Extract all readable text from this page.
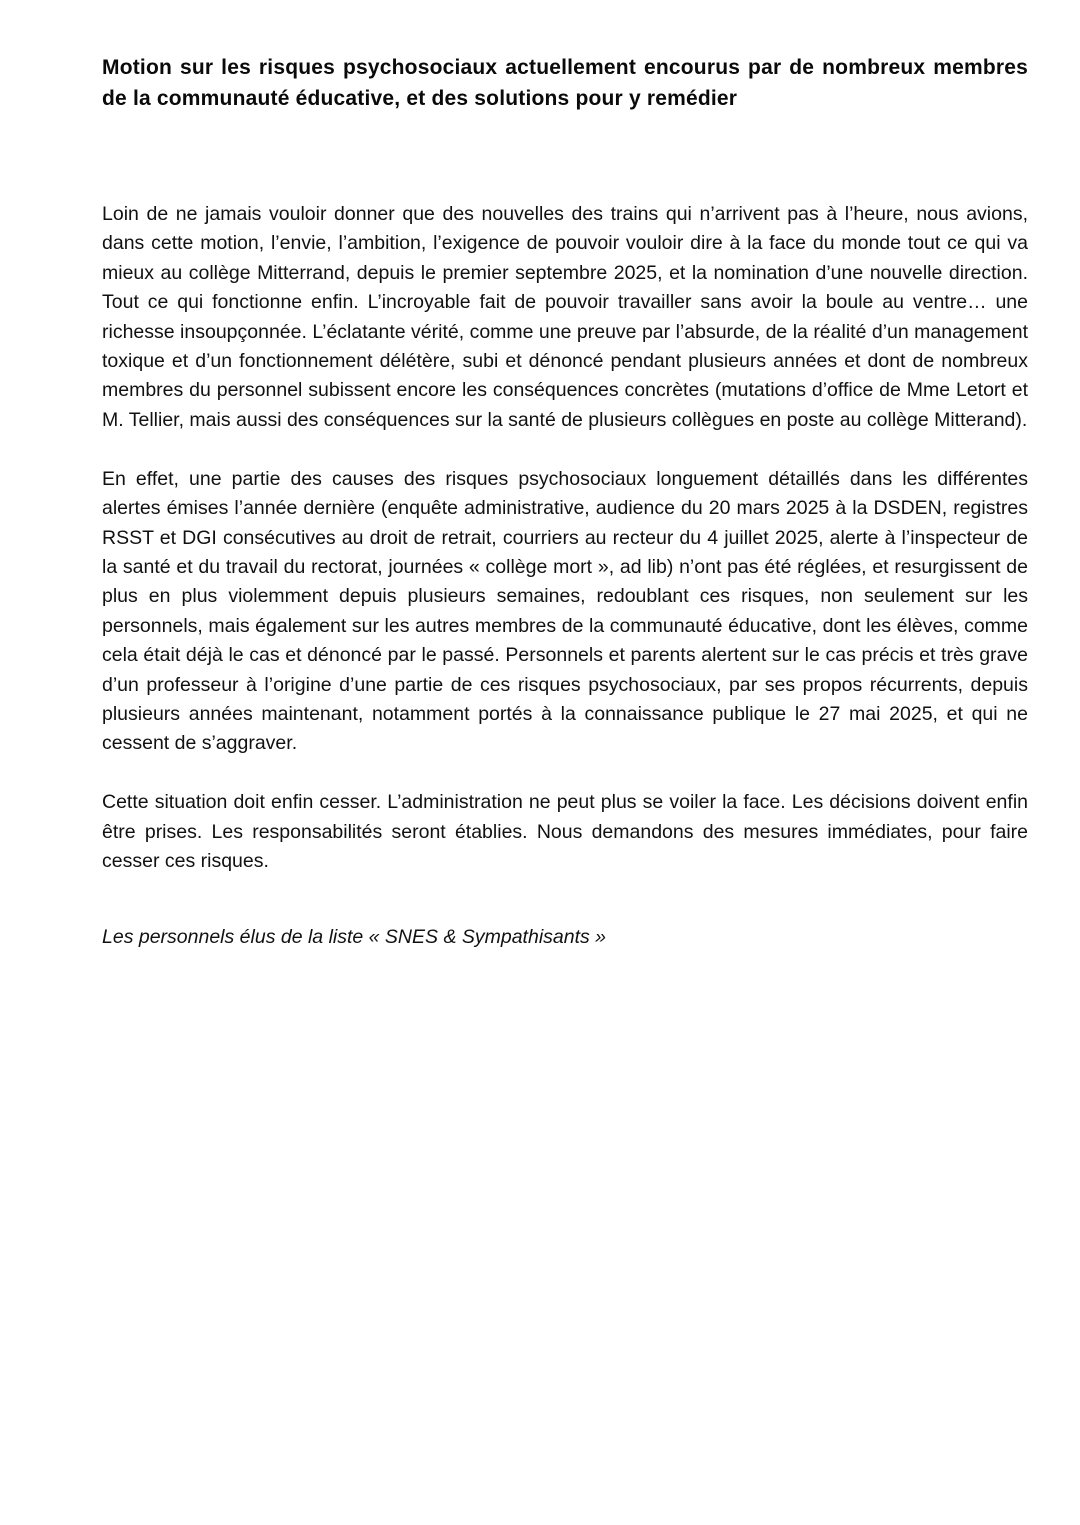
Motion sur les risques psychosociaux actuellement encourus par de nombreux membres de la communauté éducative, et des solutions pour y remédier

Loin de ne jamais vouloir donner que des nouvelles des trains qui n’arrivent pas à l’heure, nous avions, dans cette motion, l’envie, l’ambition, l’exigence de pouvoir vouloir dire à la face du monde tout ce qui va mieux au collège Mitterrand, depuis le premier septembre 2025, et la nomination d’une nouvelle direction. Tout ce qui fonctionne enfin. L’incroyable fait de pouvoir travailler sans avoir la boule au ventre… une richesse insoupçonnée. L’éclatante vérité, comme une preuve par l’absurde, de la réalité d’un management toxique et d’un fonctionnement délétère, subi et dénoncé pendant plusieurs années et dont de nombreux membres du personnel subissent encore les conséquences concrètes (mutations d’office de Mme Letort et M. Tellier, mais aussi des conséquences sur la santé de plusieurs collègues en poste au collège Mitterand).

En effet, une partie des causes des risques psychosociaux longuement détaillés dans les différentes alertes émises l’année dernière (enquête administrative, audience du 20 mars 2025 à la DSDEN, registres RSST et DGI consécutives au droit de retrait, courriers au recteur du 4 juillet 2025, alerte à l’inspecteur de la santé et du travail du rectorat, journées « collège mort », ad lib) n’ont pas été réglées, et resurgissent de plus en plus violemment depuis plusieurs semaines, redoublant ces risques, non seulement sur les personnels, mais également sur les autres membres de la communauté éducative, dont les élèves, comme cela était déjà le cas et dénoncé par le passé. Personnels et parents alertent sur le cas précis et très grave d’un professeur à l’origine d’une partie de ces risques psychosociaux, par ses propos récurrents, depuis plusieurs années maintenant, notamment portés à la connaissance publique le 27 mai 2025, et qui ne cessent de s’aggraver.

Cette situation doit enfin cesser. L’administration ne peut plus se voiler la face. Les décisions doivent enfin être prises. Les responsabilités seront établies. Nous demandons des mesures immédiates, pour faire cesser ces risques.

Les personnels élus de la liste « SNES & Sympathisants »
